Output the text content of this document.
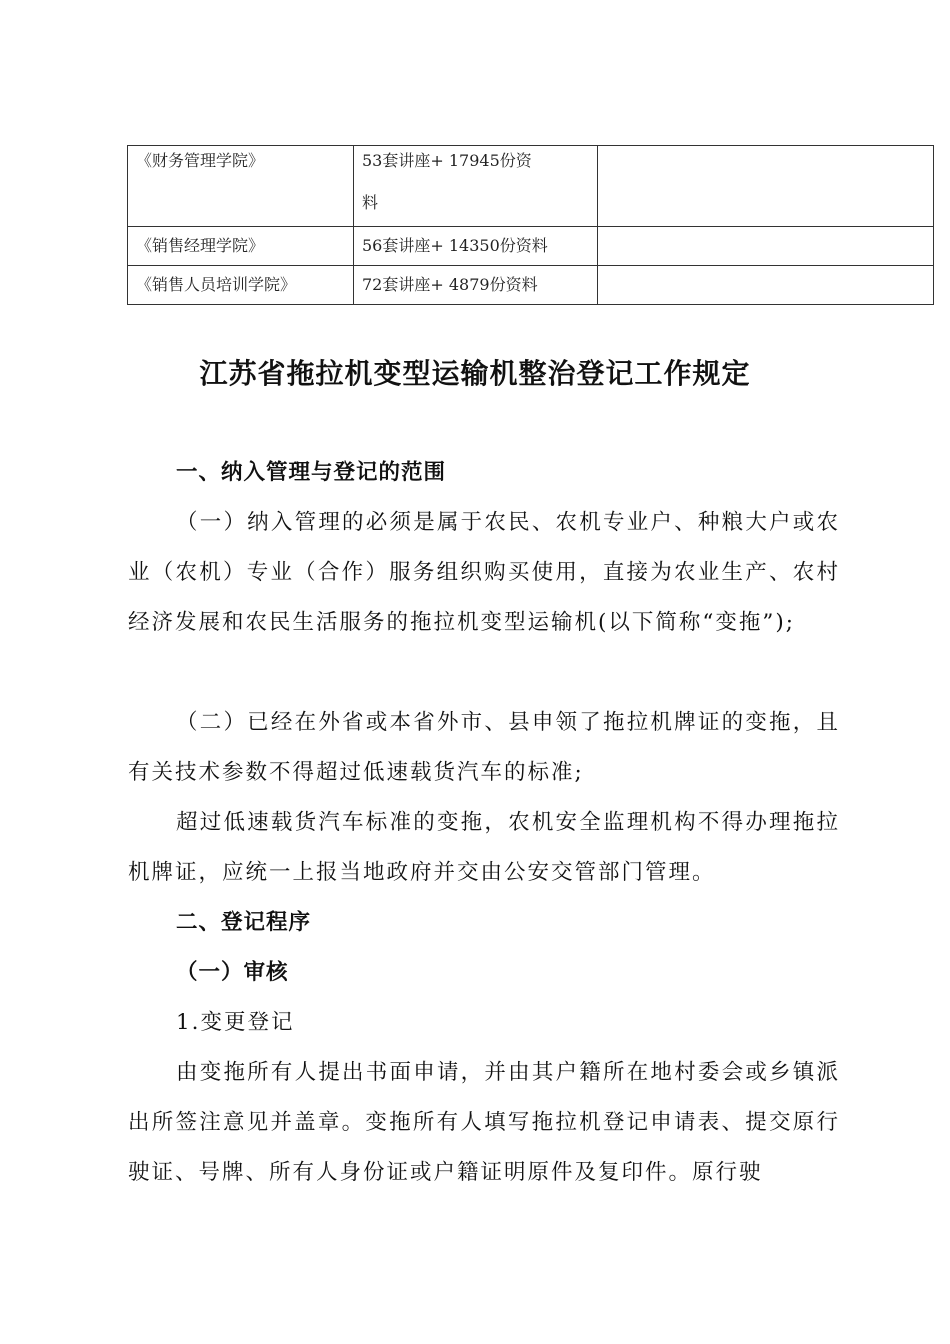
《财务管理学院》	53套讲座+ 17945份资
料	

《销售经理学院》	56套讲座+ 14350份资料	
《销售人员培训学院》	72套讲座+ 4879份资料	
江苏省拖拉机变型运输机整治登记工作规定

一、纳入管理与登记的范围

（一）纳入管理的必须是属于农民、农机专业户、种粮大户或农业（农机）专业（合作）服务组织购买使用，直接为农业生产、农村经济发展和农民生活服务的拖拉机变型运输机(以下简称“变拖”);

（二）已经在外省或本省外市、县申领了拖拉机牌证的变拖，且有关技术参数不得超过低速载货汽车的标准;

超过低速载货汽车标准的变拖，农机安全监理机构不得办理拖拉机牌证，应统一上报当地政府并交由公安交管部门管理。

二、登记程序

（一）审核

1.变更登记

由变拖所有人提出书面申请，并由其户籍所在地村委会或乡镇派出所签注意见并盖章。变拖所有人填写拖拉机登记申请表、提交原行驶证、号牌、所有人身份证或户籍证明原件及复印件。原行驶
